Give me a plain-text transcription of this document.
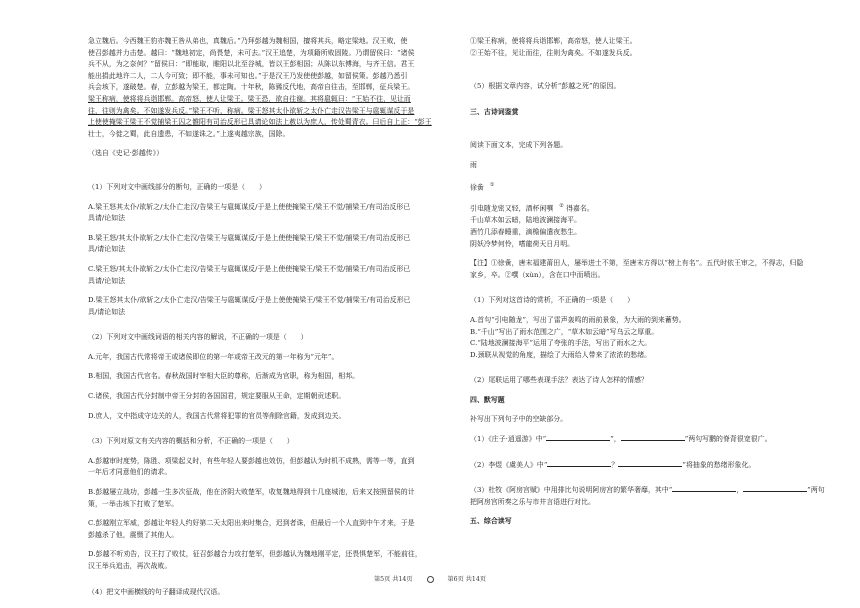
急立魏后。今西魏王豹亦魏王咎从弟也，真魏后。”乃拜彭越为魏相国，擅将其兵，略定梁地。汉王败，使

使召彭越并力击楚。越曰：“魏地初定，尚畏楚，未可去。”汉王追楚，为项籍所败固陵。乃谓留侯曰：“诸侯

兵不从，为之奈何？”留侯曰：“即能取，睢阳以北至谷城，皆以王彭相国；从陈以东傅海，与齐王信。君王

能出捐此地许二人，二人今可致；即不能，事未可知也。”于是汉王乃发使使彭越，如留侯策。彭越乃悉引

兵会垓下，遂破楚。春，立彭越为梁王，都定陶。十年秋，陈豨反代地，高帝自往击，至邯郸，征兵梁王。

梁王称病，使将将兵诣邯郸。高帝怒，使人让梁王。梁王恐，欲自往谢。其将扈辄曰：“王始不往，见让而

往，往则为禽矣。不如遂发兵反。”梁王不听，称病。梁王怒其太仆欲斩之太仆亡走汉告梁王与扈辄谋反于是

上使使掩梁王梁王不觉捕梁王囚之雒阳有司治反形已具请论如法上赦以为庶人，传处蜀青衣。曰后自上正：“彭王

壮士，今徙之蜀，此自遗患，不如遂诛之。”上遂夷越宗族，国除。

（选自《史记·彭越传》）

（1）下列对文中画线部分的断句，正确的一项是（　　）

A.梁王怒其太仆/欲斩之/太仆亡走汉/告梁王与扈辄谋反/于是上使使掩梁王/梁王不觉/捕梁王/有司治反形已
具请/论如法

B.梁王怒/其太仆欲斩之/太仆亡走汉/告梁王与扈辄谋反/于是上使使掩梁王/梁王不觉/捕梁王/有司治反形已
具/请论如法

C.梁王怒/其太仆欲斩之/太仆亡走汉/告梁王与扈辄谋反/于是上使使掩梁王/梁王不觉/捕梁王/有司治反形已
具请/论如法

D.梁王怒其太仆/欲斩之/太仆亡走汉/告梁王与扈辄谋反/于是上使使掩梁王/梁王不觉/捕梁王/有司治反形已
具/请论如法

（2）下列对文中画线词语的相关内容的解说，不正确的一项是（　　）

A.元年，我国古代常将帝王或诸侯即位的第一年或帝王改元的第一年称为“元年”。

B.相国，我国古代官名。春秋战国时宰相大臣的尊称，后渐成为官职，称为相国，相邦。

C.诸侯，我国古代分封制中帝王分封的各国国君，规定要服从王命，定期朝贡述职。

D.庶人，文中指成守边关的人，我国古代常将犯罪的官员等削除官籍，发成到边关。

（3）下列对原文有关内容的概括和分析，不正确的一项是（　　）

A.彭越审时度势，陈胜、项梁起义时，有些年轻人要彭越也效仿，但彭越认为时机不成熟，需等一等，直到
一年后才同意他们的请求。

B.彭越屡立战功，彭越一生多次征战，他在济阴大败楚军，收复魏地得到十几座城池，后来又按照留侯的计
策，一举击垓下打败了楚军。

C.彭越刚立军威，彭越让年轻人约好第二天太阳出来时集合，迟到者诛，但最后一个人直到中午才来，于是
彭越杀了他，震慑了其他人。

D.彭越不听劝告，汉王打了败仗，征召彭越合力攻打楚军，但彭越认为魏地刚平定，还畏惧楚军，不能前往，
汉王举兵追击，再次战败。

（4）把文中画横线的句子翻译成现代汉语。

①梁王称病，使将将兵诣邯郸，高帝怒，使人让梁王。

②王始不往，见让而往，往则为禽矣。不如遂发兵反。

（5）根据文章内容，试分析“彭越之死”的原因。

三、古诗词鉴赏

阅读下面文本，完成下列各题。

雨

徐夤 ①

引电随龙密又轻，酒杯闲噀 ② 得嘉名。

千山草木如云暗，陆地波澜接海平。

酒竹几添春睡重，滴檐偏遣夜愁生。

阴妖冷梦何怜，嗜龍荷天日月明。

【注】①徐夤，唐末福建莆田人，屡举进士不第，至唐末方得以“榜上有名”。五代时依王审之，不得志，归隐
家乡，卒。②噀（xùn），含在口中而喷出。

（1）下列对这首诗的赏析，不正确的一项是（　　）

A.首句“引电随龙”，写出了雷声轰鸣的雨前景象，为大雨的到来蓄势。

B.“千山”写出了雨水范围之广，“草木如云暗”写乌云之厚重。

C.“陆地波澜接海平”运用了夸张的手法，写出了雨水之大。

D.颈联从视觉的角度，描绘了大雨给人带来了浓浓的愁绪。

（2）尾联运用了哪些表现手法？表达了诗人怎样的情感？

四、默写题

补写出下列句子中的空缺部分。

（1）《庄子·逍遥游》中“	”，	”两句写鹏的脊背很宽很广。

（2）李煜《虞美人》中“	？	”将抽象的愁绪形象化。

（3）杜牧《阿房宫赋》中用排比句说明阿房宫的繁华奢靡，其中“	，	”两句
把阿房宫所奏之乐与市井言语进行对比。

五、综合读写

第5页 共14页	第6页 共14页
